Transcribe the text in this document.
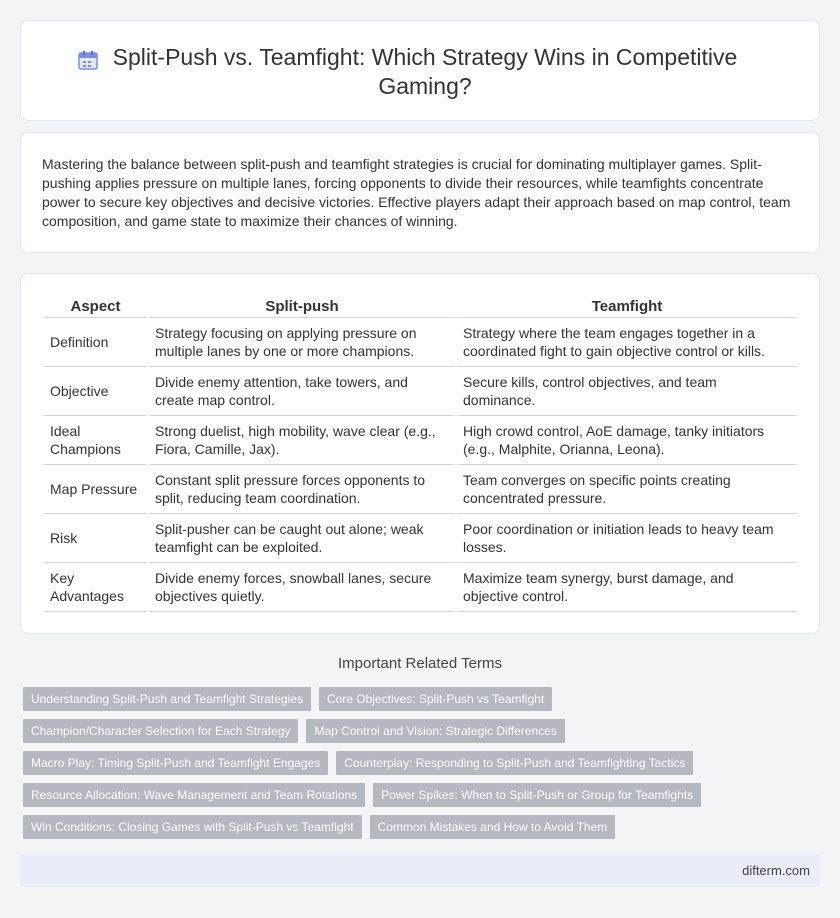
Split-Push vs. Teamfight: Which Strategy Wins in Competitive Gaming?

Mastering the balance between split-push and teamfight strategies is crucial for dominating multiplayer games. Split-pushing applies pressure on multiple lanes, forcing opponents to divide their resources, while teamfights concentrate power to secure key objectives and decisive victories. Effective players adapt their approach based on map control, team composition, and game state to maximize their chances of winning.

Aspect	Split-push	Teamfight
Definition	Strategy focusing on applying pressure on multiple lanes by one or more champions.	Strategy where the team engages together in a coordinated fight to gain objective control or kills.
Objective	Divide enemy attention, take towers, and create map control.	Secure kills, control objectives, and team dominance.
Ideal Champions	Strong duelist, high mobility, wave clear (e.g., Fiora, Camille, Jax).	High crowd control, AoE damage, tanky initiators (e.g., Malphite, Orianna, Leona).
Map Pressure	Constant split pressure forces opponents to split, reducing team coordination.	Team converges on specific points creating concentrated pressure.
Risk	Split-pusher can be caught out alone; weak teamfight can be exploited.	Poor coordination or initiation leads to heavy team losses.
Key Advantages	Divide enemy forces, snowball lanes, secure objectives quietly.	Maximize team synergy, burst damage, and objective control.
Important Related Terms
Understanding Split-Push and Teamfight Strategies	Core Objectives: Split-Push vs Teamfight
Champion/Character Selection for Each Strategy	Map Control and Vision: Strategic Differences
Macro Play: Timing Split-Push and Teamfight Engages	Counterplay: Responding to Split-Push and Teamfighting Tactics
Resource Allocation: Wave Management and Team Rotations	Power Spikes: When to Split-Push or Group for Teamfights
Win Conditions: Closing Games with Split-Push vs Teamfight	Common Mistakes and How to Avoid Them
difterm.com
